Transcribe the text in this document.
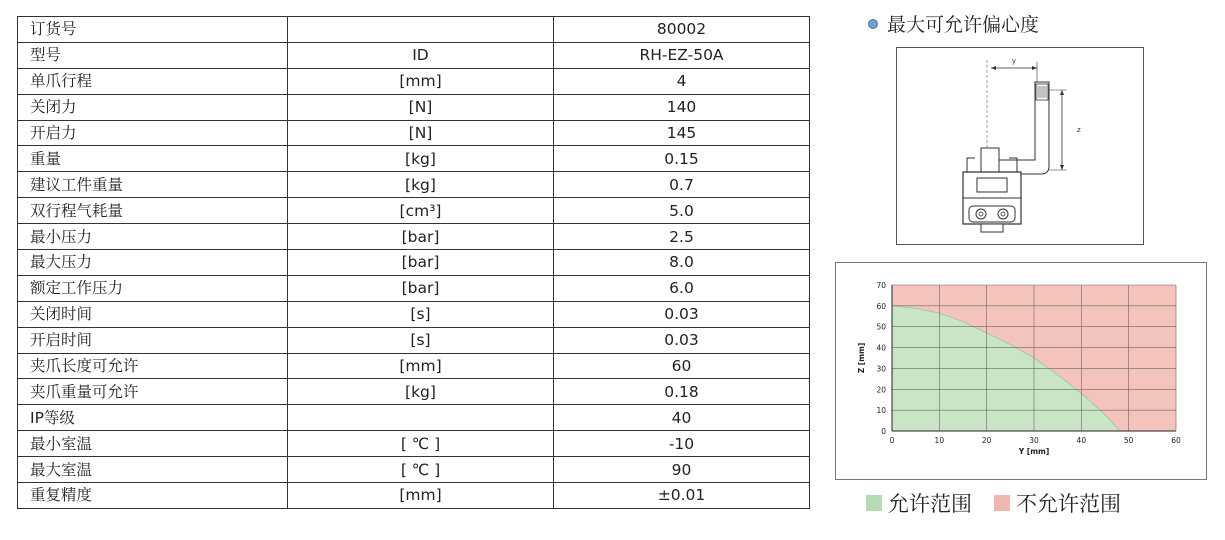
订货号		80002
型号	ID	RH-EZ-50A
单爪行程	[mm]	4
关闭力	[N]	140
开启力	[N]	145
重量	[kg]	0.15
建议工件重量	[kg]	0.7
双行程气耗量	[cm³]	5.0
最小压力	[bar]	2.5
最大压力	[bar]	8.0
额定工作压力	[bar]	6.0
关闭时间	[s]	0.03
开启时间	[s]	0.03
夹爪长度可允许	[mm]	60
夹爪重量可允许	[kg]	0.18
IP等级		40
最小室温	[ ℃ ]	-10
最大室温	[ ℃ ]	90
重复精度	[mm]	±0.01
最大可允许偏心度
y
z
0	10	20	30	40	50	60
0
10
20
30
40
50
60
70
Y [mm]
Z [mm]
允许范围 不允许范围
